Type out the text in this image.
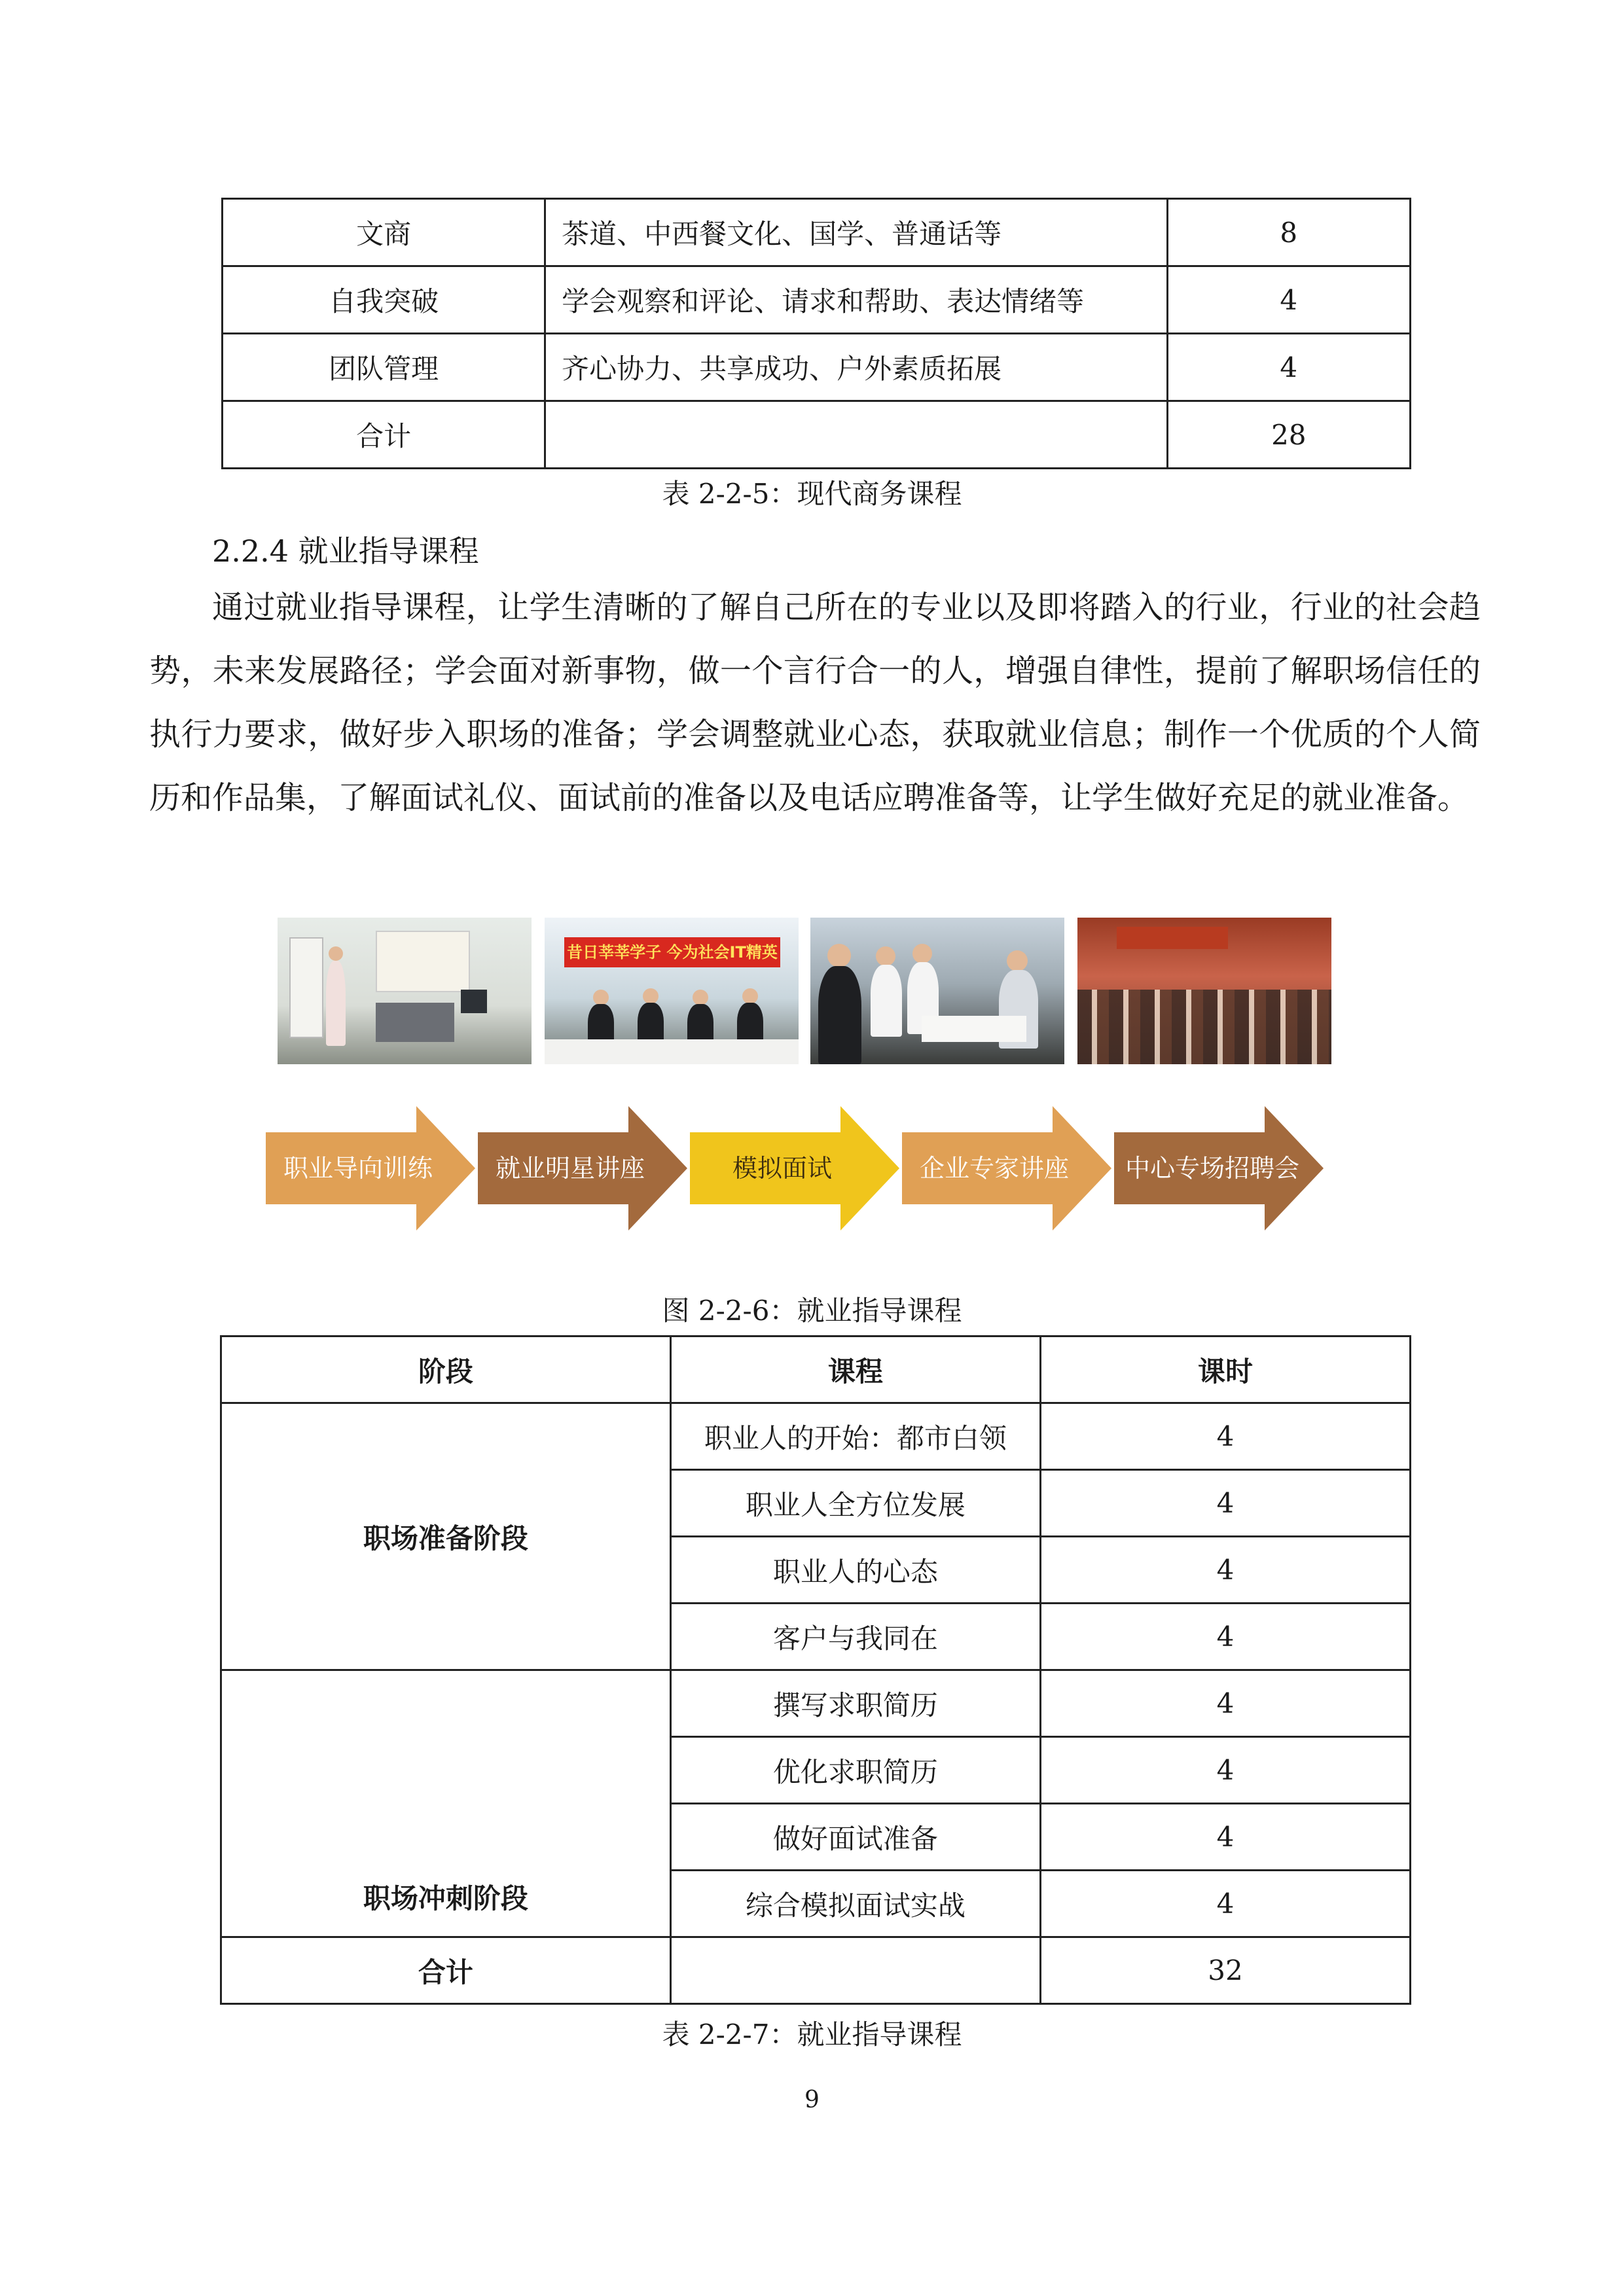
文商	茶道、中西餐文化、国学、普通话等	8
自我突破	学会观察和评论、请求和帮助、表达情绪等	4
团队管理	齐心协力、共享成功、户外素质拓展	4
合计		28
表 2-2-5：现代商务课程
2.2.4 就业指导课程

通过就业指导课程，让学生清晰的了解自己所在的专业以及即将踏入的行业，行业的社会趋势，未来发展路径；学会面对新事物，做一个言行合一的人，增强自律性，提前了解职场信任的执行力要求，做好步入职场的准备；学会调整就业心态，获取就业信息；制作一个优质的个人简历和作品集，了解面试礼仪、面试前的准备以及电话应聘准备等，让学生做好充足的就业准备。

昔日莘莘学子 今为社会IT精英
职业导向训练	就业明星讲座	模拟面试	企业专家讲座	中心专场招聘会
图 2-2-6：就业指导课程
阶段	课程	课时
职场准备阶段	职业人的开始：都市白领	4
	职业人全方位发展	4
	职业人的心态	4
	客户与我同在	4
职场冲刺阶段	撰写求职简历	4
	优化求职简历	4
	做好面试准备	4
	综合模拟面试实战	4
合计		32
表 2-2-7：就业指导课程
9
